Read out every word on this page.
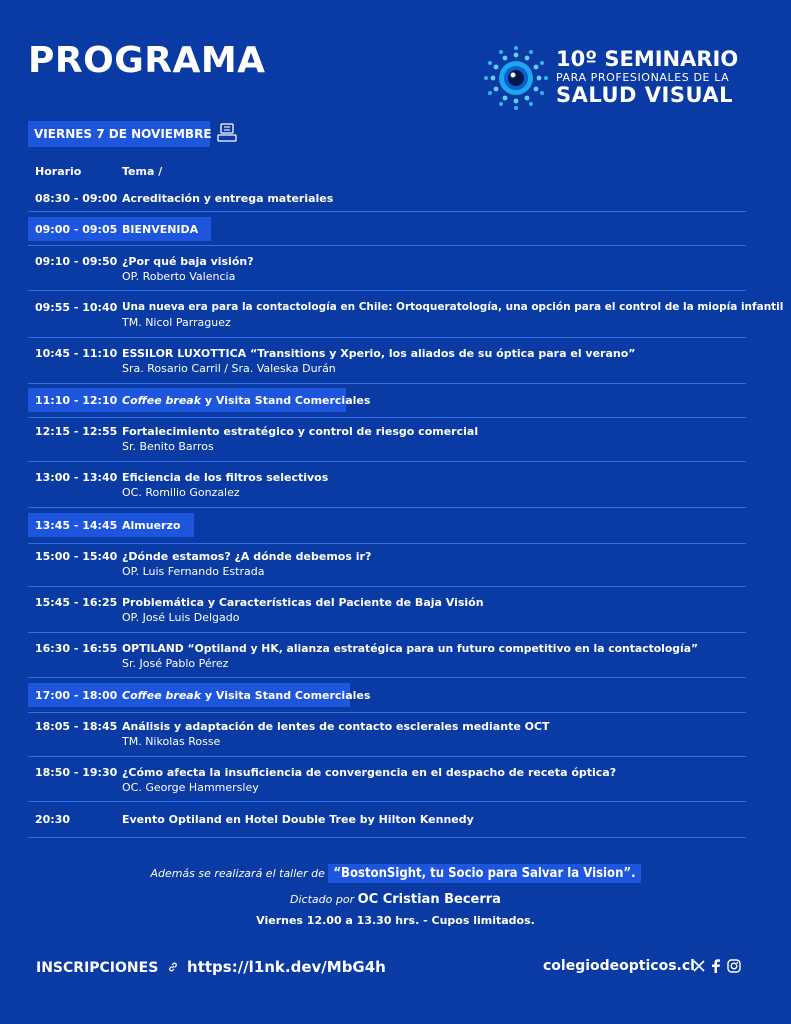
PROGRAMA	10º SEMINARIO
PARA PROFESIONALES DE LA
SALUD VISUAL
VIERNES 7 DE NOVIEMBRE
Horario	Tema /
08:30 - 09:00 Acreditación y entrega materiales
09:00 - 09:05 BIENVENIDA
09:10 - 09:50 ¿Por qué baja visión?
OP. Roberto Valencia
09:55 - 10:40 Una nueva era para la contactología en Chile: Ortoqueratología, una opción para el control de la miopía infantil
TM. Nicol Parraguez
10:45 - 11:10 ESSILOR LUXOTTICA “Transitions y Xperio, los aliados de su óptica para el verano”
Sra. Rosario Carril / Sra. Valeska Durán
11:10 - 12:10 Coffee break y Visita Stand Comerciales
12:15 - 12:55 Fortalecimiento estratégico y control de riesgo comercial
Sr. Benito Barros
13:00 - 13:40 Eficiencia de los filtros selectivos
OC. Romilio Gonzalez
13:45 - 14:45 Almuerzo
15:00 - 15:40 ¿Dónde estamos? ¿A dónde debemos ir?
OP. Luis Fernando Estrada
15:45 - 16:25 Problemática y Características del Paciente de Baja Visión
OP. José Luis Delgado
16:30 - 16:55 OPTILAND “Optiland y HK, alianza estratégica para un futuro competitivo en la contactología”
Sr. José Pablo Pérez
17:00 - 18:00 Coffee break y Visita Stand Comerciales
18:05 - 18:45 Análisis y adaptación de lentes de contacto esclerales mediante OCT
TM. Nikolas Rosse
18:50 - 19:30 ¿Cómo afecta la insuficiencia de convergencia en el despacho de receta óptica?
OC. George Hammersley
20:30	Evento Optiland en Hotel Double Tree by Hilton Kennedy
Además se realizará el taller de “BostonSight, tu Socio para Salvar la Vision”.
Dictado por OC Cristian Becerra
Viernes 12.00 a 13.30 hrs. - Cupos limitados.
INSCRIPCIONES https://l1nk.dev/MbG4h	colegiodeopticos.cl
